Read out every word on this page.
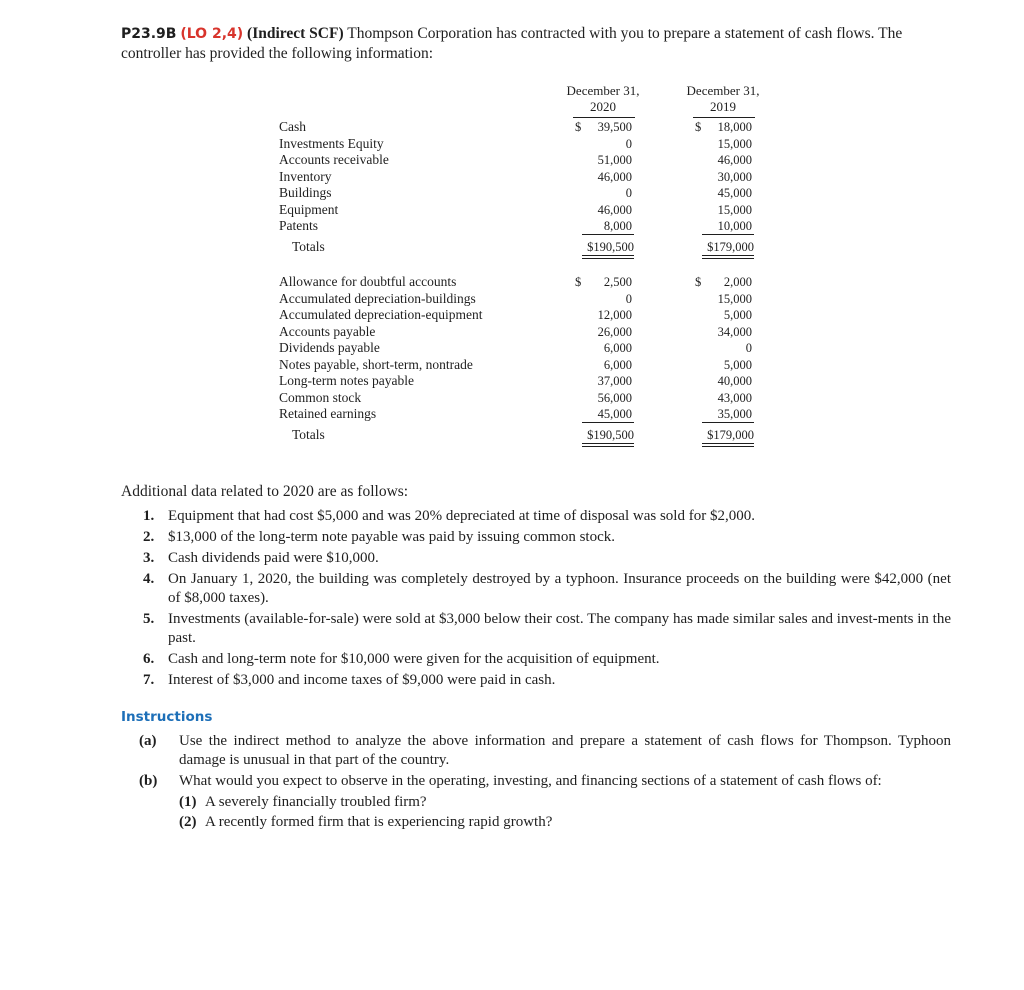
P23.9B (LO 2,4) (Indirect SCF) Thompson Corporation has contracted with you to prepare a statement of cash flows. The controller has provided the following information:
December 31,
2020
December 31,
2019
Cash	$ 39,500	$ 18,000
Investments Equity	0	15,000
Accounts receivable	51,000	46,000
Inventory	46,000	30,000
Buildings	0	45,000
Equipment	46,000	15,000
Patents	8,000	10,000
Totals	$190,500	$179,000
Allowance for doubtful accounts	$ 2,500	$ 2,000
Accumulated depreciation-buildings	0	15,000
Accumulated depreciation-equipment	12,000	5,000
Accounts payable	26,000	34,000
Dividends payable	6,000	0
Notes payable, short-term, nontrade	6,000	5,000
Long-term notes payable	37,000	40,000
Common stock	56,000	43,000
Retained earnings	45,000	35,000
Totals	$190,500	$179,000
Additional data related to 2020 are as follows:
1. Equipment that had cost $5,000 and was 20% depreciated at time of disposal was sold for $2,000.
2. $13,000 of the long-term note payable was paid by issuing common stock.
3. Cash dividends paid were $10,000.
4. On January 1, 2020, the building was completely destroyed by a typhoon. Insurance proceeds on the building were $42,000 (net of $8,000 taxes).
5. Investments (available-for-sale) were sold at $3,000 below their cost. The company has made similar sales and invest-ments in the past.
6. Cash and long-term note for $10,000 were given for the acquisition of equipment.
7. Interest of $3,000 and income taxes of $9,000 were paid in cash.
Instructions
(a) Use the indirect method to analyze the above information and prepare a statement of cash flows for Thompson. Typhoon damage is unusual in that part of the country.
(b) What would you expect to observe in the operating, investing, and financing sections of a statement of cash flows of:
(1) A severely financially troubled firm?
(2) A recently formed firm that is experiencing rapid growth?
